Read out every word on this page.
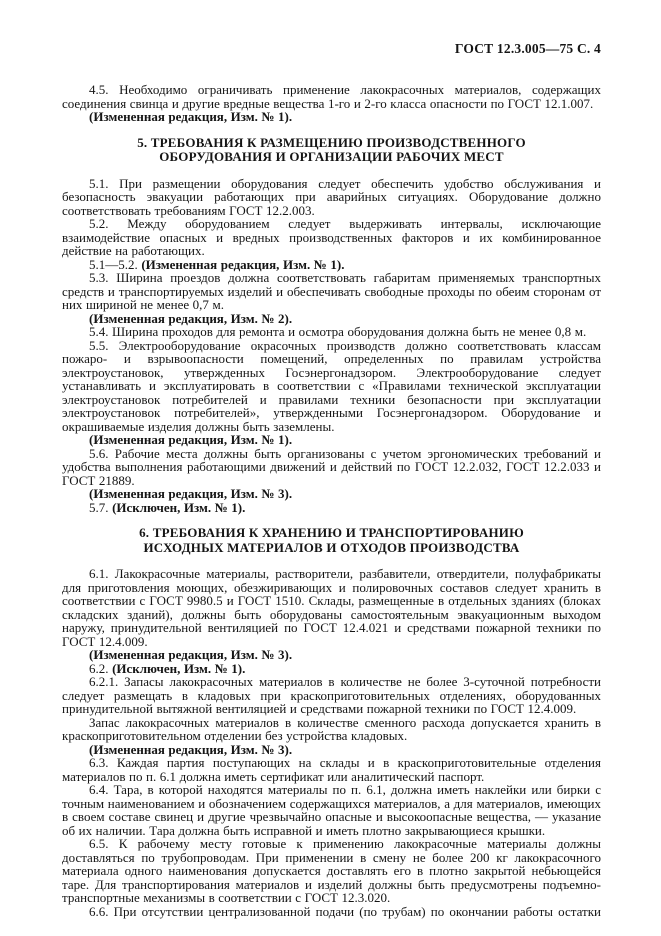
ГОСТ 12.3.005—75 С. 4

4.5. Необходимо ограничивать применение лакокрасочных материалов, содержащих соединения свинца и другие вредные вещества 1-го и 2-го класса опасности по ГОСТ 12.1.007.

(Измененная редакция, Изм. № 1).

5. ТРЕБОВАНИЯ К РАЗМЕЩЕНИЮ ПРОИЗВОДСТВЕННОГО
ОБОРУДОВАНИЯ И ОРГАНИЗАЦИИ РАБОЧИХ МЕСТ

5.1. При размещении оборудования следует обеспечить удобство обслуживания и безопасность эвакуации работающих при аварийных ситуациях. Оборудование должно соответствовать требованиям ГОСТ 12.2.003.

5.2. Между оборудованием следует выдерживать интервалы, исключающие взаимодействие опасных и вредных производственных факторов и их комбинированное действие на работающих.

5.1—5.2. (Измененная редакция, Изм. № 1).

5.3. Ширина проездов должна соответствовать габаритам применяемых транспортных средств и транспортируемых изделий и обеспечивать свободные проходы по обеим сторонам от них шириной не менее 0,7 м.

(Измененная редакция, Изм. № 2).

5.4. Ширина проходов для ремонта и осмотра оборудования должна быть не менее 0,8 м.

5.5. Электрооборудование окрасочных производств должно соответствовать классам пожаро- и взрывоопасности помещений, определенных по правилам устройства электроустановок, утвержденных Госэнергонадзором. Электрооборудование следует устанавливать и эксплуатировать в соответствии с «Правилами технической эксплуатации электроустановок потребителей и правилами техники безопасности при эксплуатации электроустановок потребителей», утвержденными Госэнергонадзором. Оборудование и окрашиваемые изделия должны быть заземлены.

(Измененная редакция, Изм. № 1).

5.6. Рабочие места должны быть организованы с учетом эргономических требований и удобства выполнения работающими движений и действий по ГОСТ 12.2.032, ГОСТ 12.2.033 и ГОСТ 21889.

(Измененная редакция, Изм. № 3).

5.7. (Исключен, Изм. № 1).

6. ТРЕБОВАНИЯ К ХРАНЕНИЮ И ТРАНСПОРТИРОВАНИЮ
ИСХОДНЫХ МАТЕРИАЛОВ И ОТХОДОВ ПРОИЗВОДСТВА

6.1. Лакокрасочные материалы, растворители, разбавители, отвердители, полуфабрикаты для приготовления моющих, обезжиривающих и полировочных составов следует хранить в соответствии с ГОСТ 9980.5 и ГОСТ 1510. Склады, размещенные в отдельных зданиях (блоках складских зданий), должны быть оборудованы самостоятельным эвакуационным выходом наружу, принудительной вентиляцией по ГОСТ 12.4.021 и средствами пожарной техники по ГОСТ 12.4.009.

(Измененная редакция, Изм. № 3).

6.2. (Исключен, Изм. № 1).

6.2.1. Запасы лакокрасочных материалов в количестве не более 3-суточной потребности следует размещать в кладовых при краскоприготовительных отделениях, оборудованных принудительной вытяжной вентиляцией и средствами пожарной техники по ГОСТ 12.4.009.

Запас лакокрасочных материалов в количестве сменного расхода допускается хранить в краскоприготовительном отделении без устройства кладовых.

(Измененная редакция, Изм. № 3).

6.3. Каждая партия поступающих на склады и в краскоприготовительные отделения материалов по п. 6.1 должна иметь сертификат или аналитический паспорт.

6.4. Тара, в которой находятся материалы по п. 6.1, должна иметь наклейки или бирки с точным наименованием и обозначением содержащихся материалов, а для материалов, имеющих в своем составе свинец и другие чрезвычайно опасные и высокоопасные вещества, — указание об их наличии. Тара должна быть исправной и иметь плотно закрывающиеся крышки.

6.5. К рабочему месту готовые к применению лакокрасочные материалы должны доставляться по трубопроводам. При применении в смену не более 200 кг лакокрасочного материала одного наименования допускается доставлять его в плотно закрытой небьющейся таре. Для транспортирования материалов и изделий должны быть предусмотрены подъемно-транспортные механизмы в соответствии с ГОСТ 12.3.020.

6.6. При отсутствии централизованной подачи (по трубам) по окончании работы остатки
